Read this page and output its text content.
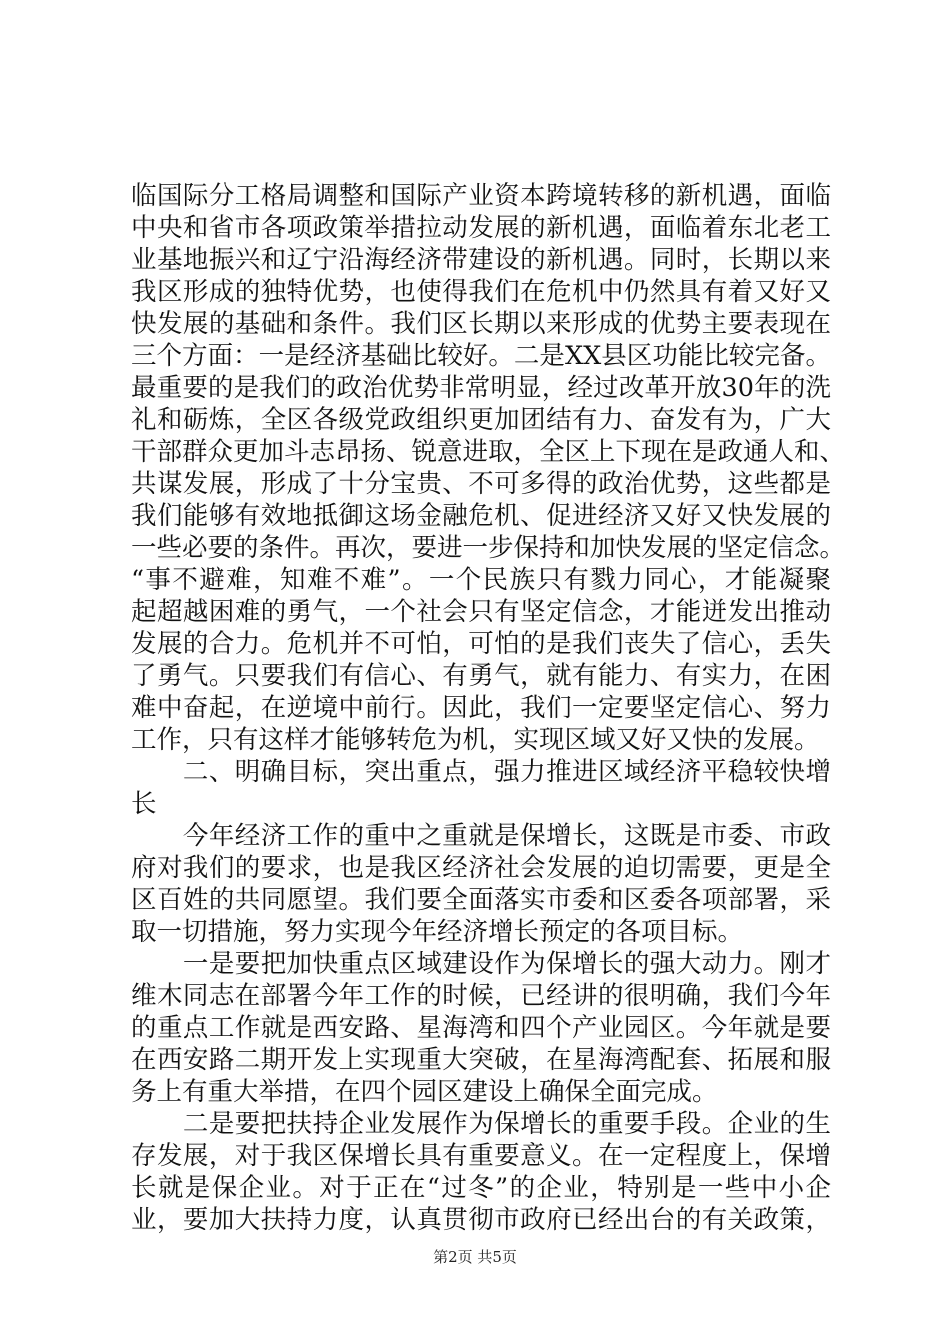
临国际分工格局调整和国际产业资本跨境转移的新机遇，面临
中央和省市各项政策举措拉动发展的新机遇，面临着东北老工
业基地振兴和辽宁沿海经济带建设的新机遇。同时，长期以来
我区形成的独特优势，也使得我们在危机中仍然具有着又好又
快发展的基础和条件。我们区长期以来形成的优势主要表现在
三个方面：一是经济基础比较好。二是XX县区功能比较完备。
最重要的是我们的政治优势非常明显，经过改革开放30年的洗
礼和砺炼，全区各级党政组织更加团结有力、奋发有为，广大
干部群众更加斗志昂扬、锐意进取，全区上下现在是政通人和、
共谋发展，形成了十分宝贵、不可多得的政治优势，这些都是
我们能够有效地抵御这场金融危机、促进经济又好又快发展的
一些必要的条件。再次，要进一步保持和加快发展的坚定信念。
“事不避难，知难不难”。一个民族只有戮力同心，才能凝聚
起超越困难的勇气，一个社会只有坚定信念，才能迸发出推动
发展的合力。危机并不可怕，可怕的是我们丧失了信心，丢失
了勇气。只要我们有信心、有勇气，就有能力、有实力，在困
难中奋起，在逆境中前行。因此，我们一定要坚定信心、努力
工作，只有这样才能够转危为机，实现区域又好又快的发展。
　　二、明确目标，突出重点，强力推进区域经济平稳较快增
长
　　今年经济工作的重中之重就是保增长，这既是市委、市政
府对我们的要求，也是我区经济社会发展的迫切需要，更是全
区百姓的共同愿望。我们要全面落实市委和区委各项部署，采
取一切措施，努力实现今年经济增长预定的各项目标。
　　一是要把加快重点区域建设作为保增长的强大动力。刚才
维木同志在部署今年工作的时候，已经讲的很明确，我们今年
的重点工作就是西安路、星海湾和四个产业园区。今年就是要
在西安路二期开发上实现重大突破，在星海湾配套、拓展和服
务上有重大举措，在四个园区建设上确保全面完成。
　　二是要把扶持企业发展作为保增长的重要手段。企业的生
存发展，对于我区保增长具有重要意义。在一定程度上，保增
长就是保企业。对于正在“过冬”的企业，特别是一些中小企
业，要加大扶持力度，认真贯彻市政府已经出台的有关政策，
第2页 共5页
